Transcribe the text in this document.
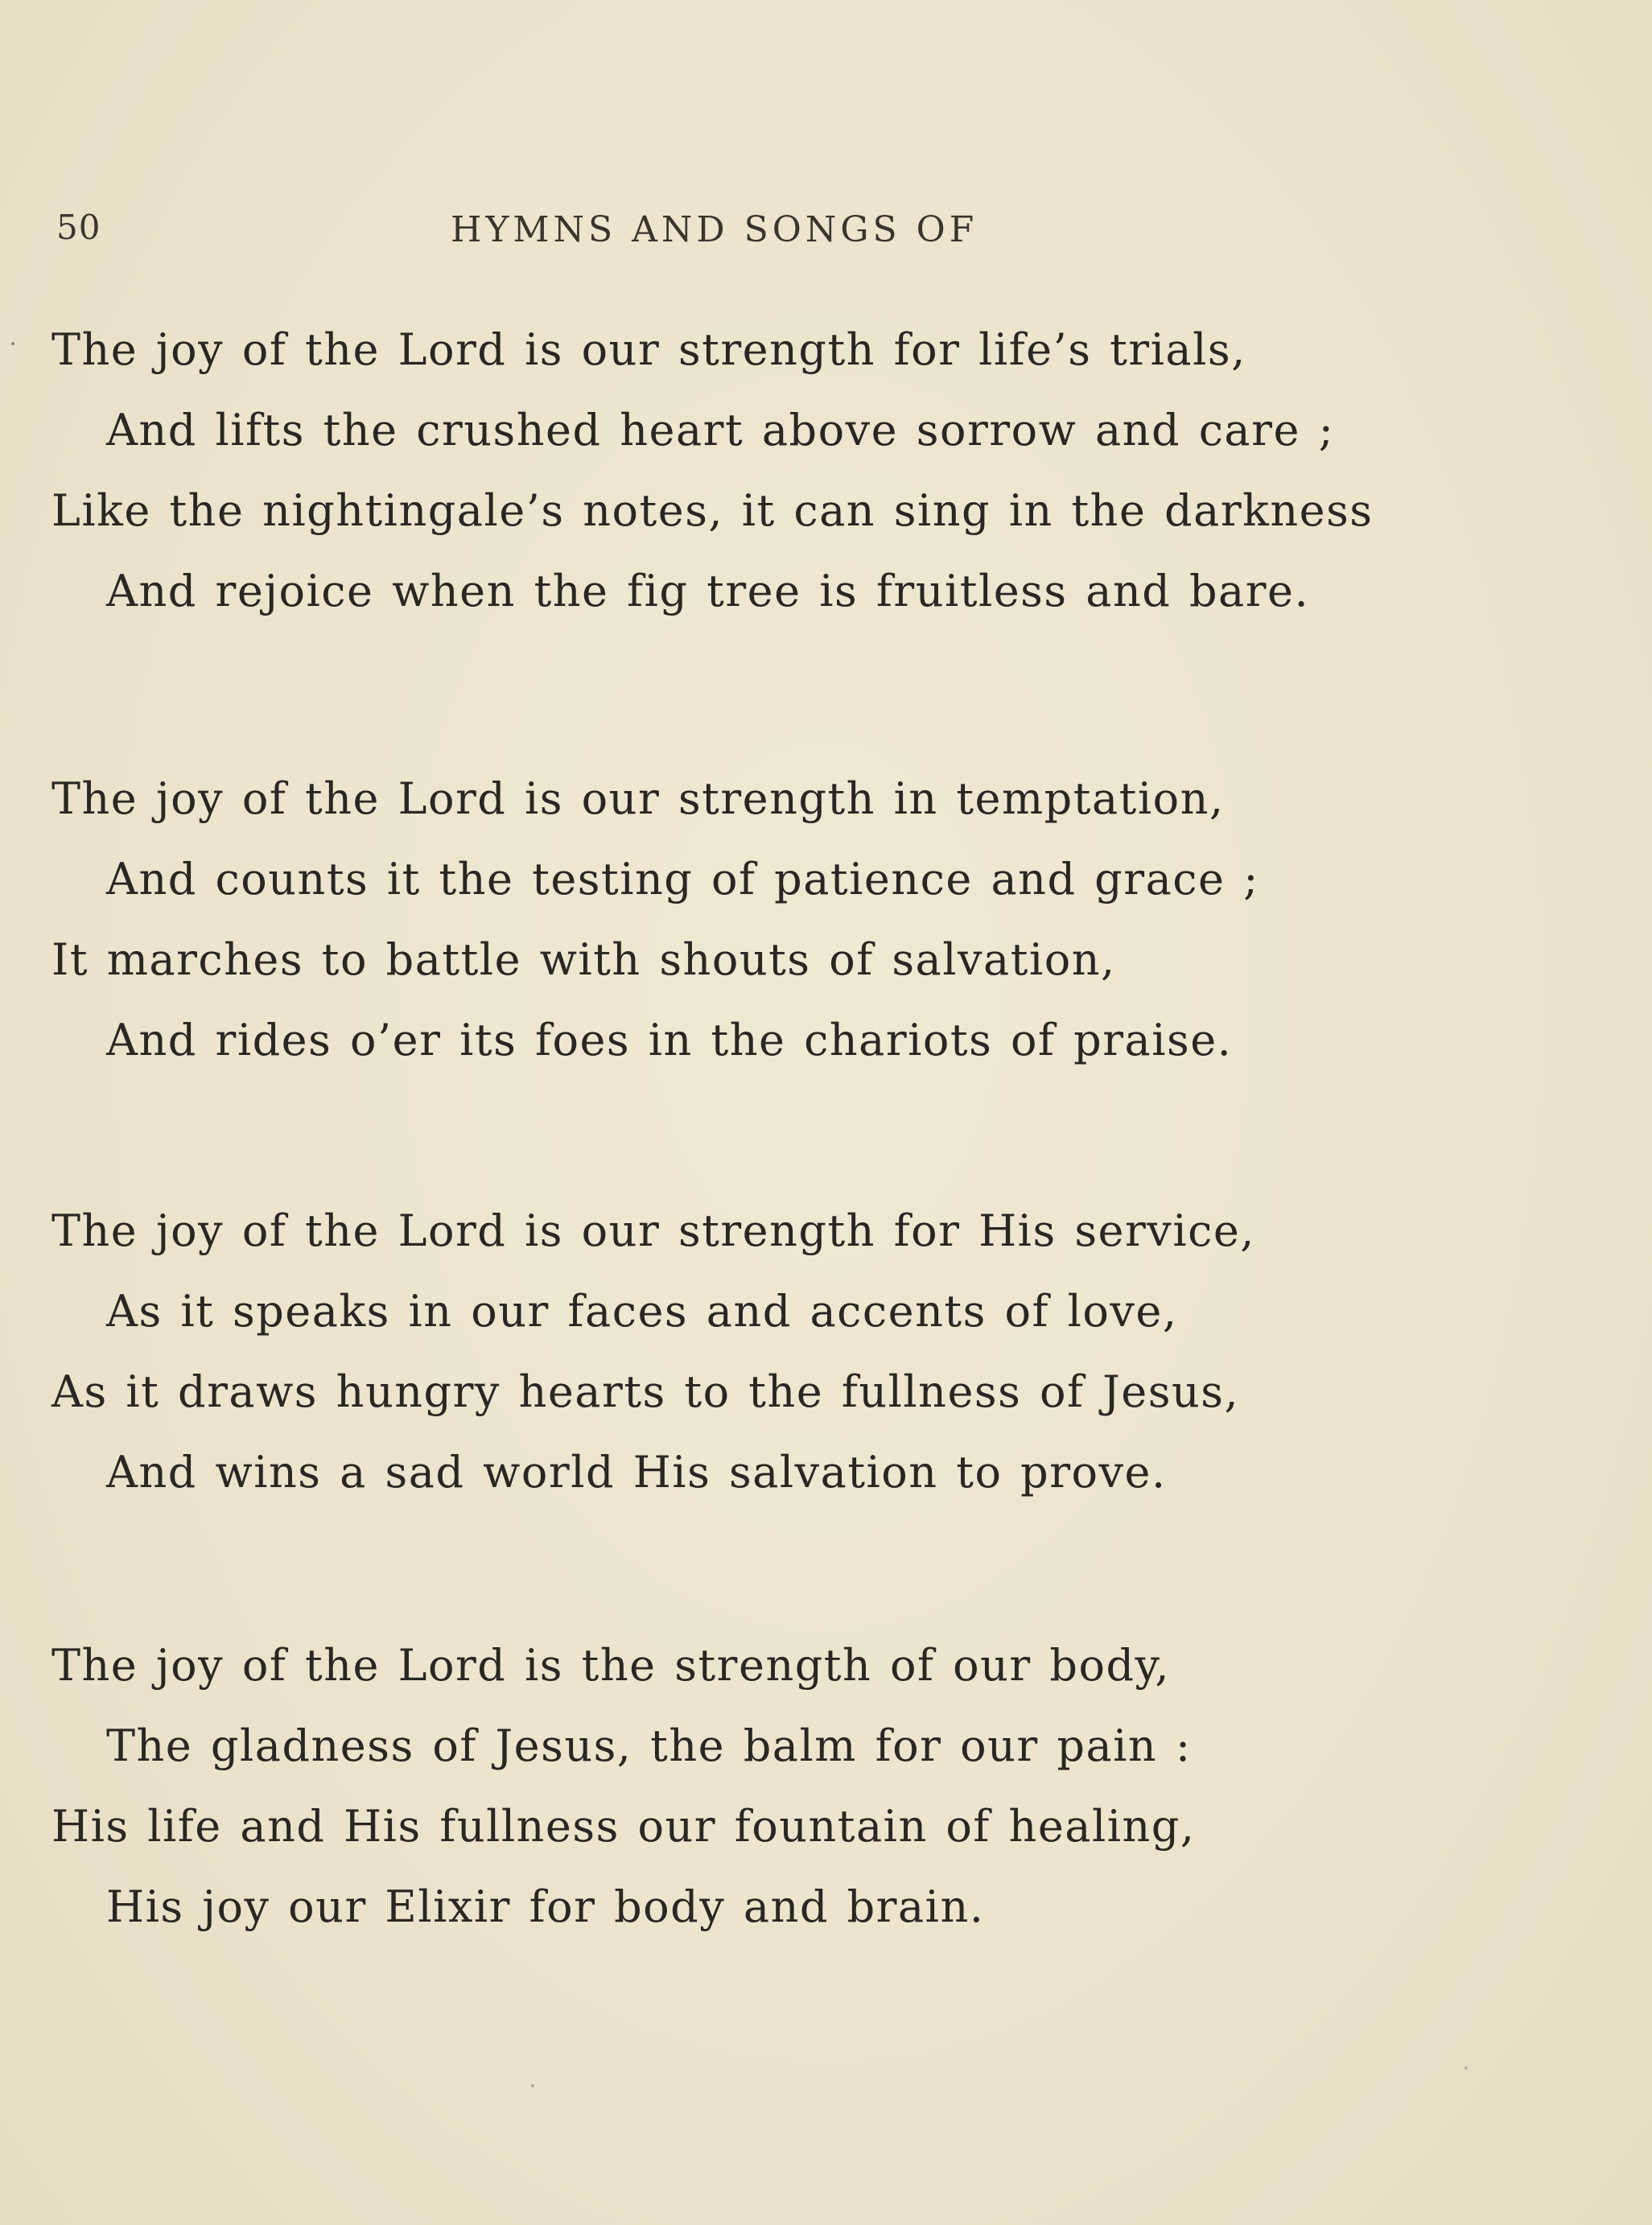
50	HYMNS AND SONGS OF
The joy of the Lord is our strength for life’s trials,
And lifts the crushed heart above sorrow and care ;
Like the nightingale’s notes, it can sing in the darkness
And rejoice when the fig tree is fruitless and bare.
The joy of the Lord is our strength in temptation,
And counts it the testing of patience and grace ;
It marches to battle with shouts of salvation,
And rides o’er its foes in the chariots of praise.
The joy of the Lord is our strength for His service,
As it speaks in our faces and accents of love,
As it draws hungry hearts to the fullness of Jesus,
And wins a sad world His salvation to prove.
The joy of the Lord is the strength of our body,
The gladness of Jesus, the balm for our pain :
His life and His fullness our fountain of healing,
His joy our Elixir for body and brain.
